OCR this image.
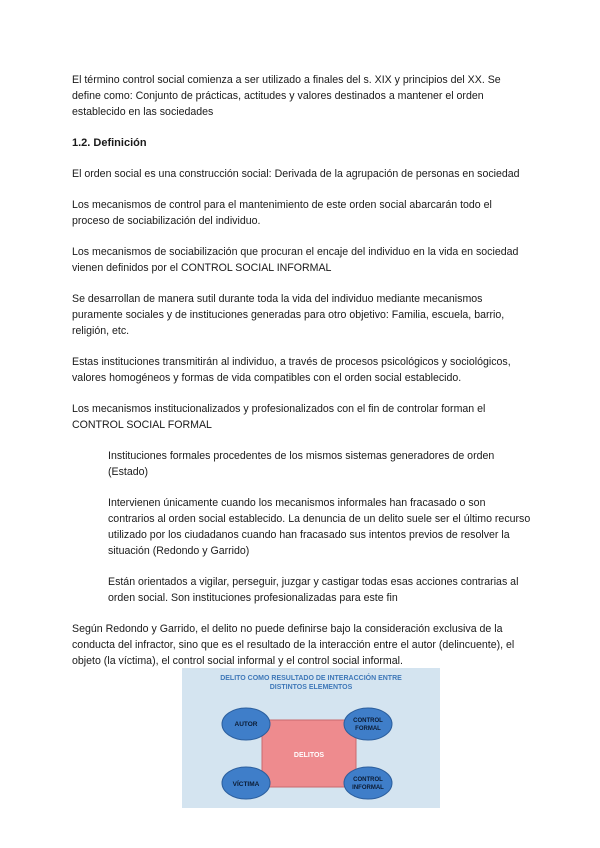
El término control social comienza a ser utilizado a finales del s. XIX y principios del XX. Se define como: Conjunto de prácticas, actitudes y valores destinados a mantener el orden establecido en las sociedades

1.2. Definición

El orden social es una construcción social: Derivada de la agrupación de personas en sociedad

Los mecanismos de control para el mantenimiento de este orden social abarcarán todo el proceso de sociabilización del individuo.

Los mecanismos de sociabilización que procuran el encaje del individuo en la vida en sociedad vienen definidos por el CONTROL SOCIAL INFORMAL

Se desarrollan de manera sutil durante toda la vida del individuo mediante mecanismos puramente sociales y de instituciones generadas para otro objetivo: Familia, escuela, barrio, religión, etc.

Estas instituciones transmitirán al individuo, a través de procesos psicológicos y sociológicos, valores homogéneos y formas de vida compatibles con el orden social establecido.

Los mecanismos institucionalizados y profesionalizados con el fin de controlar forman el CONTROL SOCIAL FORMAL

Instituciones formales procedentes de los mismos sistemas generadores de orden (Estado)

Intervienen únicamente cuando los mecanismos informales han fracasado o son contrarios al orden social establecido. La denuncia de un delito suele ser el último recurso utilizado por los ciudadanos cuando han fracasado sus intentos previos de resolver la situación (Redondo y Garrido)

Están orientados a vigilar, perseguir, juzgar y castigar todas esas acciones contrarias al orden social. Son instituciones profesionalizadas para este fin

Según Redondo y Garrido, el delito no puede definirse bajo la consideración exclusiva de la conducta del infractor, sino que es el resultado de la interacción entre el autor (delincuente), el objeto (la víctima), el control social informal y el control social informal.

DELITO COMO RESULTADO DE INTERACCIÓN ENTRE
DISTINTOS ELEMENTOS
DELITOS
AUTOR	CONTROL
FORMAL
VÍCTIMA
CONTROL
INFORMAL
